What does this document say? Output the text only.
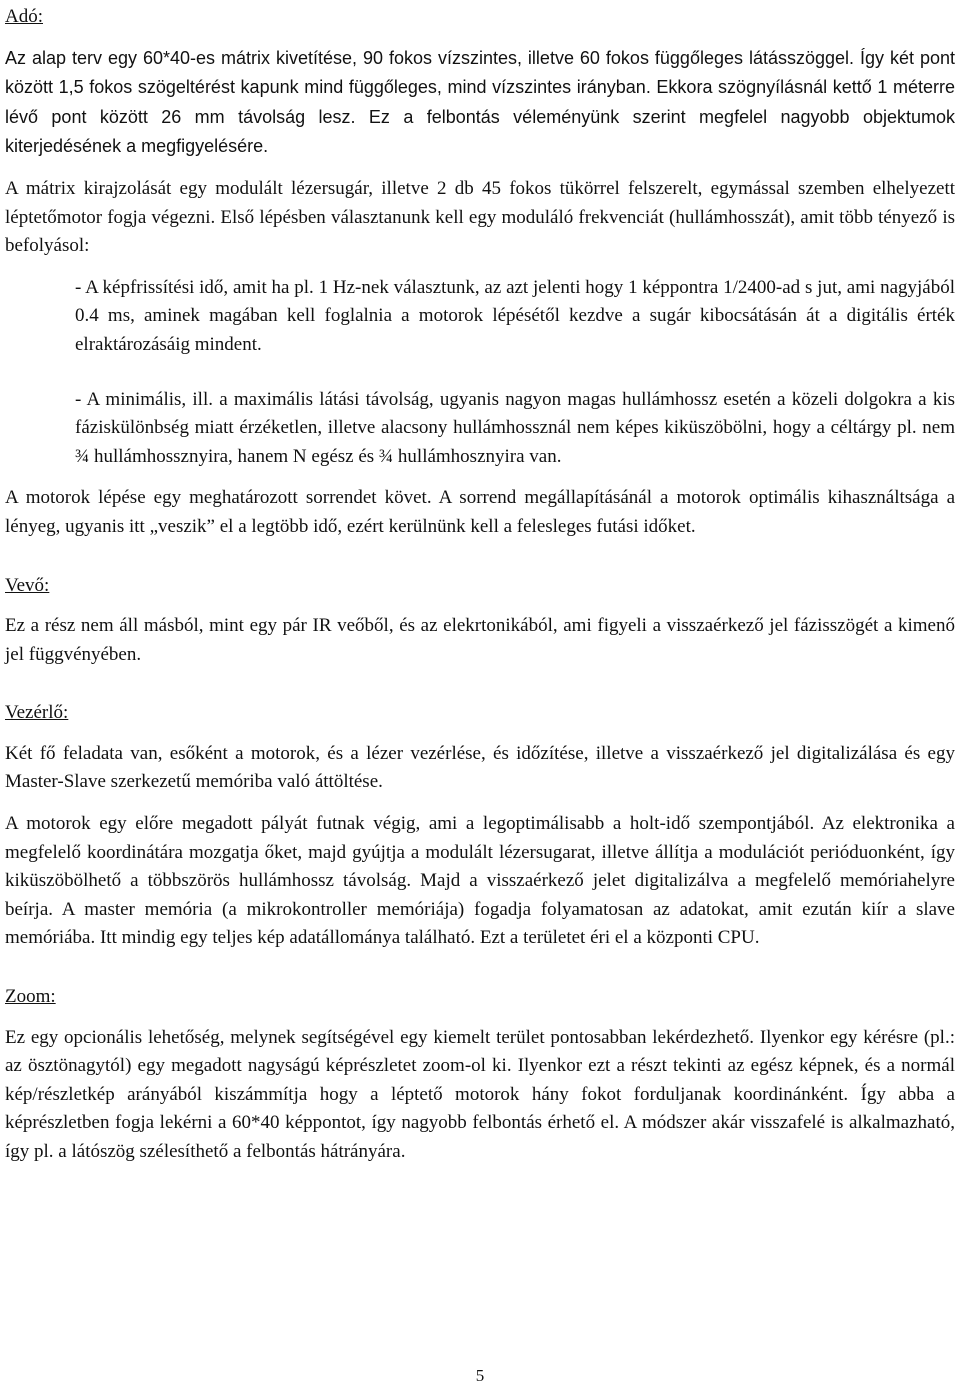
Adó:

Az alap terv egy 60*40-es mátrix kivetítése, 90 fokos vízszintes, illetve 60 fokos függőleges látásszöggel. Így két pont között 1,5 fokos szögeltérést kapunk mind függőleges, mind vízszintes irányban. Ekkora szögnyílásnál kettő 1 méterre lévő pont között 26 mm távolság lesz. Ez a felbontás véleményünk szerint megfelel nagyobb objektumok kiterjedésének a megfigyelésére.

A mátrix kirajzolását egy modulált lézersugár, illetve 2 db 45 fokos tükörrel felszerelt, egymással szemben elhelyezett léptetőmotor fogja végezni. Első lépésben választanunk kell egy moduláló frekvenciát (hullámhosszát), amit több tényező is befolyásol:

- A képfrissítési idő, amit ha pl. 1 Hz-nek választunk, az azt jelenti hogy 1 képpontra 1/2400-ad s jut, ami nagyjából 0.4 ms, aminek magában kell foglalnia a motorok lépésétől kezdve a sugár kibocsátásán át a digitális érték elraktározásáig mindent.

- A minimális, ill. a maximális látási távolság, ugyanis nagyon magas hullámhossz esetén a közeli dolgokra a kis fáziskülönbség miatt érzéketlen, illetve alacsony hullámhossznál nem képes kiküszöbölni, hogy a céltárgy pl. nem ¾ hullámhossznyira, hanem N egész és ¾ hullámhosznyira van.

A motorok lépése egy meghatározott sorrendet követ. A sorrend megállapításánál a motorok optimális kihasználtsága a lényeg, ugyanis itt „veszik” el a legtöbb idő, ezért kerülnünk kell a felesleges futási időket.

Vevő:

Ez a rész nem áll másból, mint egy pár IR veőből, és az elekrtonikából, ami figyeli a visszaérkező jel fázisszögét a kimenő jel függvényében.

Vezérlő:

Két fő feladata van, esőként a motorok, és a lézer vezérlése, és időzítése, illetve a visszaérkező jel digitalizálása és egy Master-Slave szerkezetű memóriba való áttöltése.

A motorok egy előre megadott pályát futnak végig, ami a legoptimálisabb a holt-idő szempontjából. Az elektronika a megfelelő koordinátára mozgatja őket, majd gyújtja a modulált lézersugarat, illetve állítja a modulációt perióduonként, így kiküszöbölhető a többszörös hullámhossz távolság. Majd a visszaérkező jelet digitalizálva a megfelelő memóriahelyre beírja. A master memória (a mikrokontroller memóriája) fogadja folyamatosan az adatokat, amit ezután kiír a slave memóriába. Itt mindig egy teljes kép adatállománya található. Ezt a területet éri el a központi CPU.

Zoom:

Ez egy opcionális lehetőség, melynek segítségével egy kiemelt terület pontosabban lekérdezhető. Ilyenkor egy kérésre (pl.: az ösztönagytól) egy megadott nagyságú képrészletet zoom-ol ki. Ilyenkor ezt a részt tekinti az egész képnek, és a normál kép/részletkép arányából kiszámmítja hogy a léptető motorok hány fokot forduljanak koordinánként. Így abba a képrészletben fogja lekérni a 60*40 képpontot, így nagyobb felbontás érhető el. A módszer akár visszafelé is alkalmazható, így pl. a látószög szélesíthető a felbontás hátrányára.

5
